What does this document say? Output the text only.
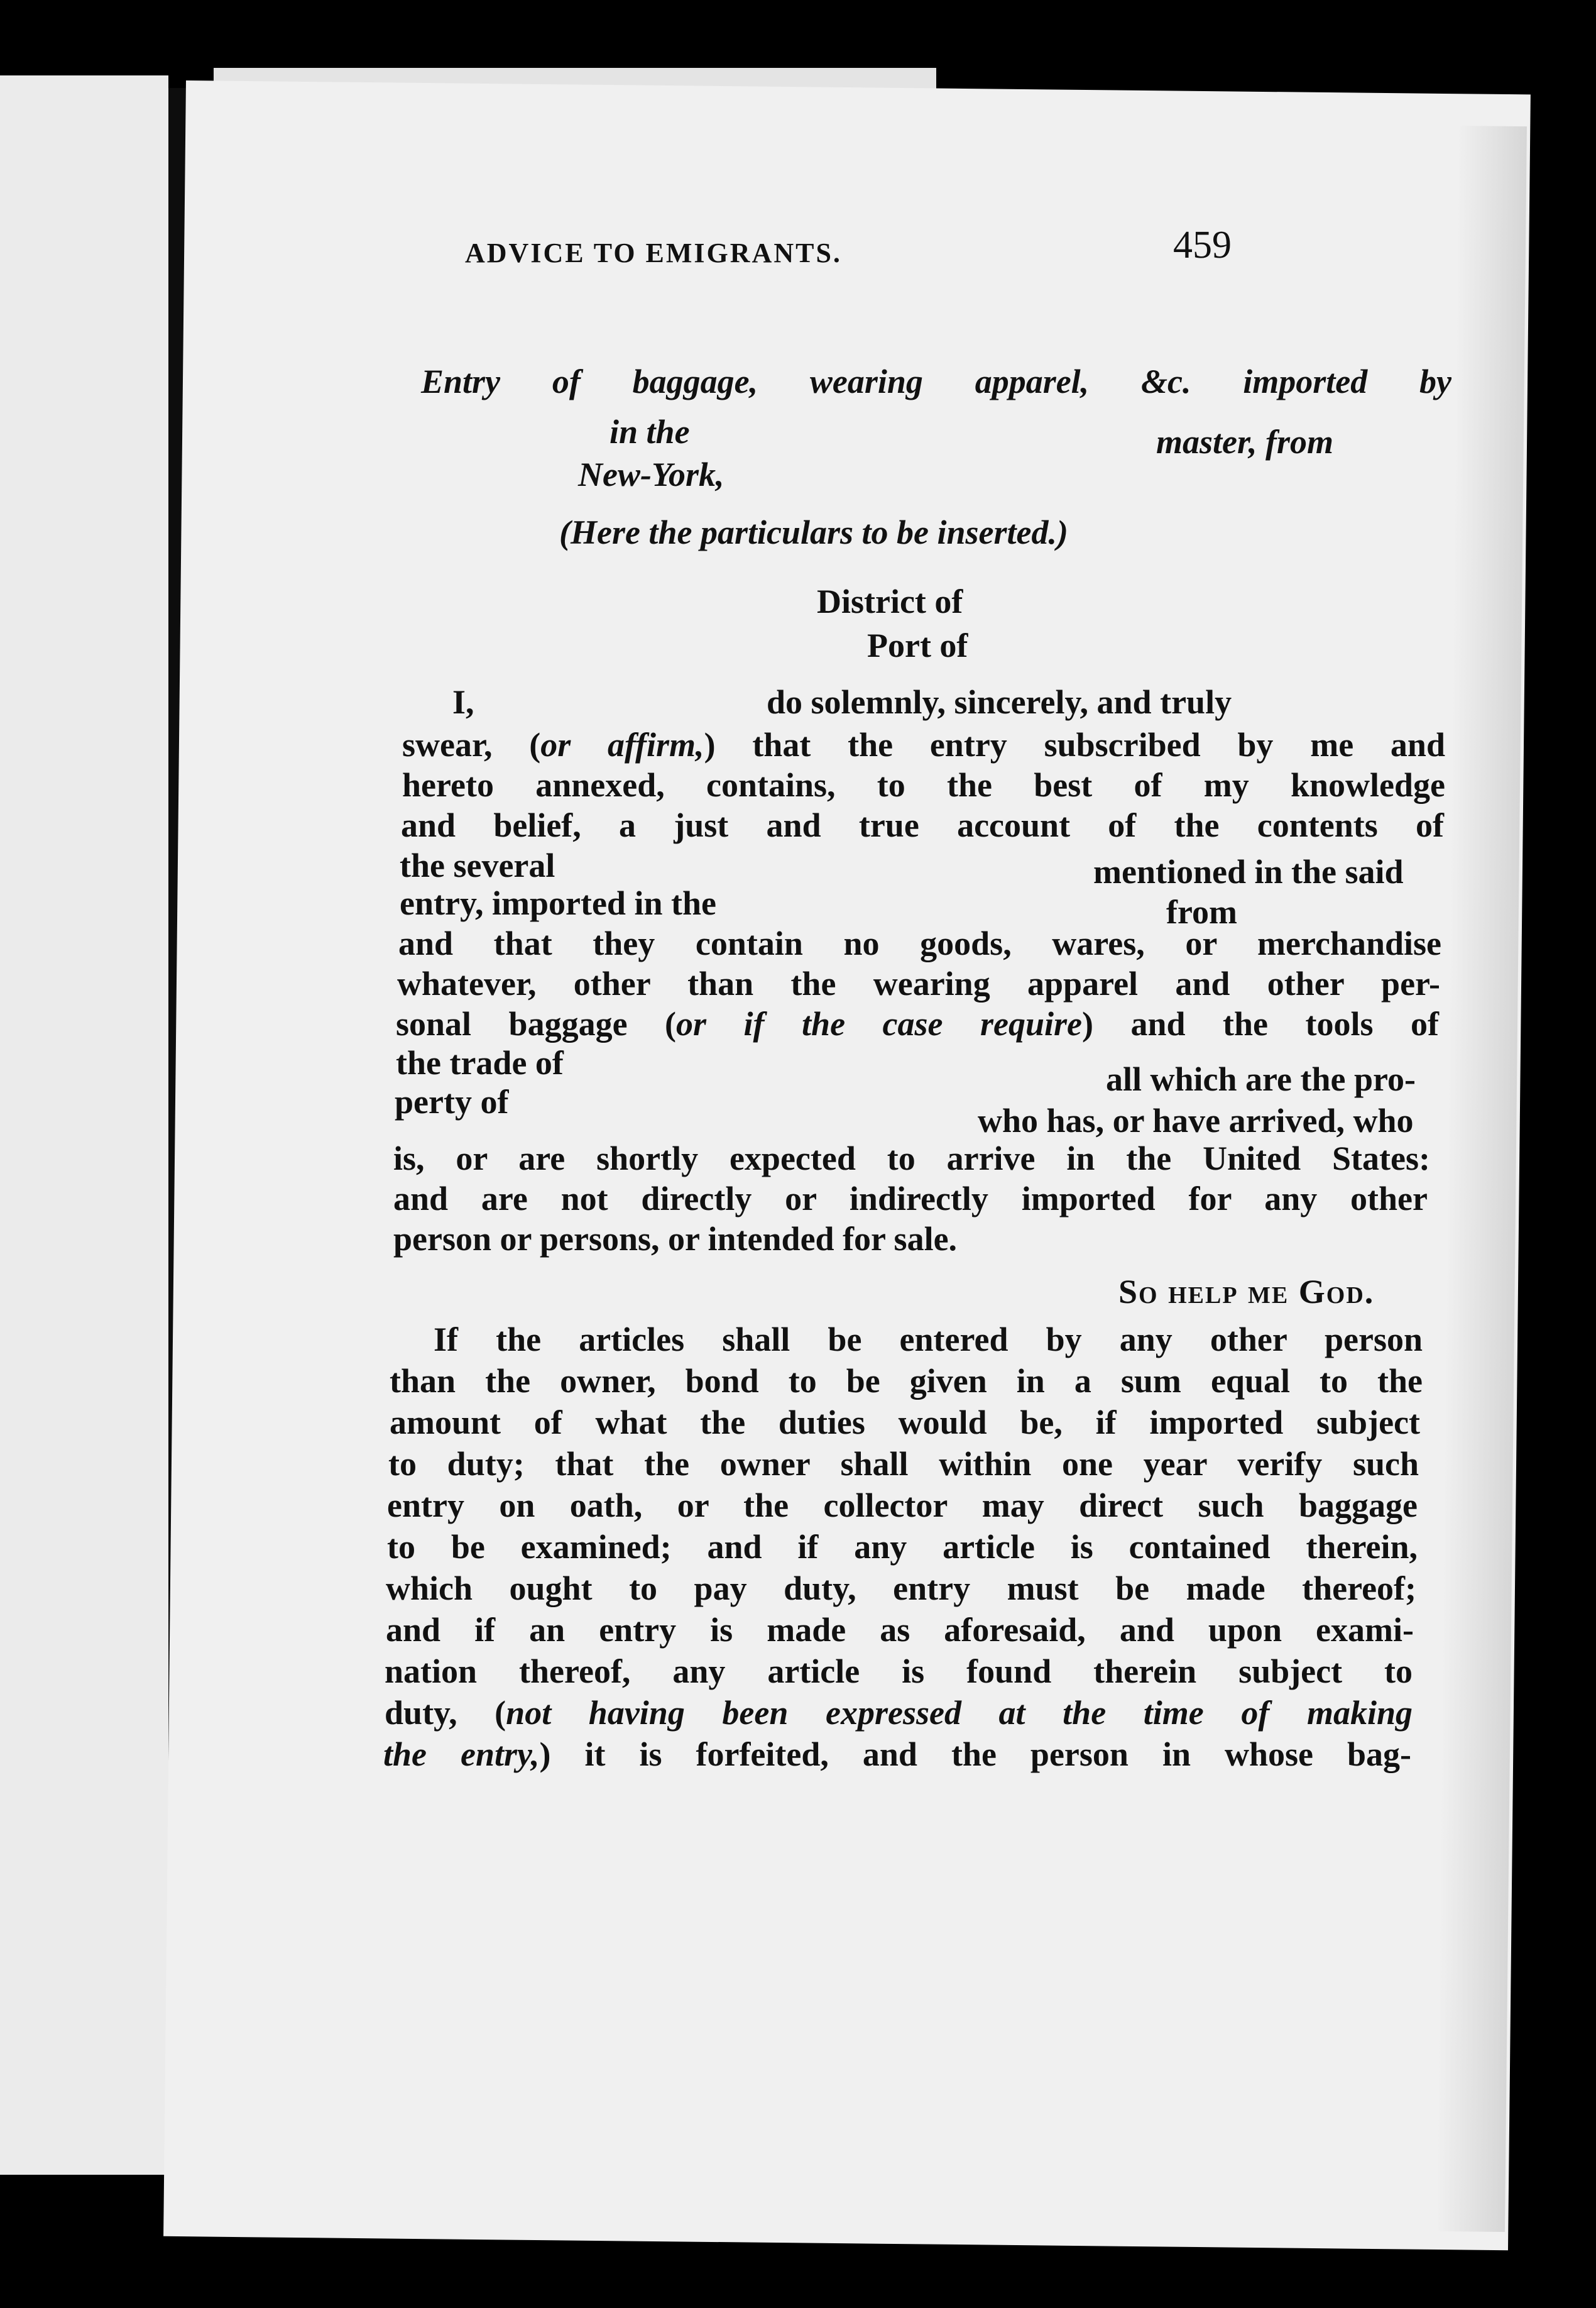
ADVICE TO EMIGRANTS.	459
Entry of baggage, wearing apparel, &c. imported by
in the	master, from
New-York,
(Here the particulars to be inserted.)
District of
Port of
I,	do solemnly, sincerely, and truly
swear, (or affirm,) that the entry subscribed by me and
hereto annexed, contains, to the best of my knowledge
and belief, a just and true account of the contents of
the several	mentioned in the said
entry, imported in the	from
and that they contain no goods, wares, or merchandise
whatever, other than the wearing apparel and other per-
sonal baggage (or if the case require) and the tools of
the trade of	all which are the pro-
perty of	who has, or have arrived, who
is, or are shortly expected to arrive in the United States:
and are not directly or indirectly imported for any other
person or persons, or intended for sale.
So help me God.
If the articles shall be entered by any other person
than the owner, bond to be given in a sum equal to the
amount of what the duties would be, if imported subject
to duty; that the owner shall within one year verify such
entry on oath, or the collector may direct such baggage
to be examined; and if any article is contained therein,
which ought to pay duty, entry must be made thereof;
and if an entry is made as aforesaid, and upon exami-
nation thereof, any article is found therein subject to
duty, (not having been expressed at the time of making
the entry,) it is forfeited, and the person in whose bag-
